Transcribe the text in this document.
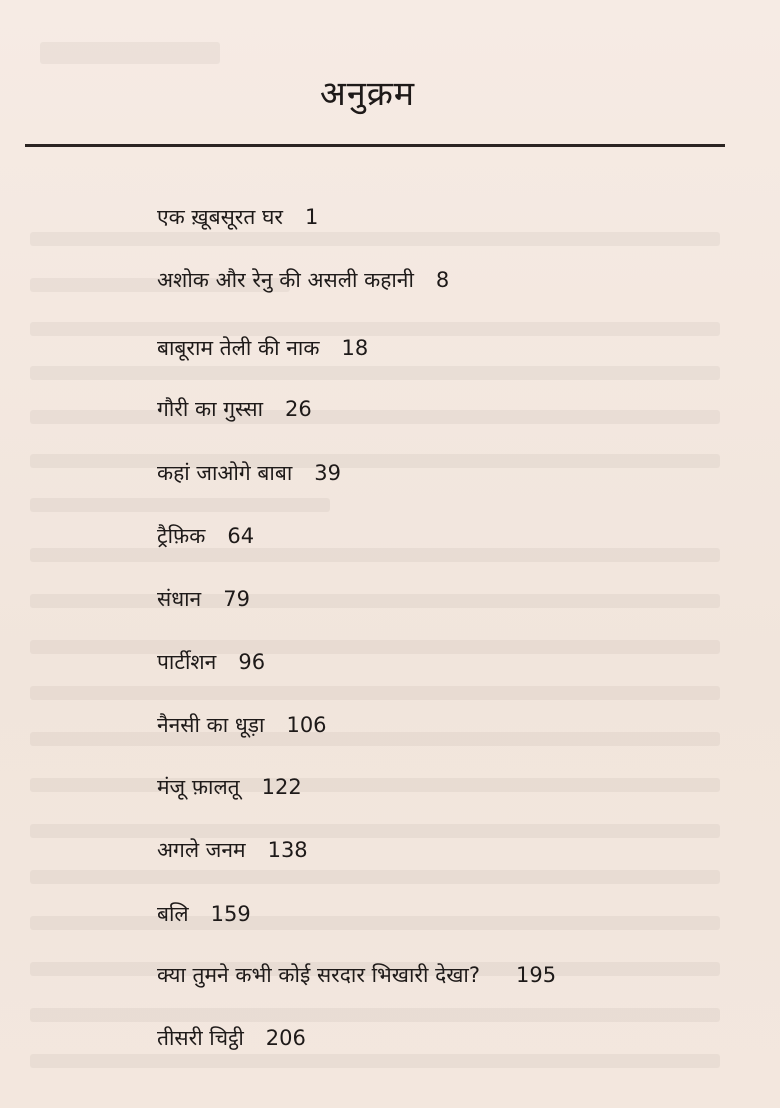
अनुक्रम
एक ख़ूबसूरत घर 1
अशोक और रेनु की असली कहानी 8
बाबूराम तेली की नाक 18
गौरी का गुस्सा 26
कहां जाओगे बाबा 39
ट्रैफ़िक 64
संधान 79
पार्टीशन 96
नैनसी का धूड़ा 106
मंजू फ़ालतू 122
अगले जनम 138
बलि 159
क्या तुमने कभी कोई सरदार भिखारी देखा? 195
तीसरी चिट्ठी 206
